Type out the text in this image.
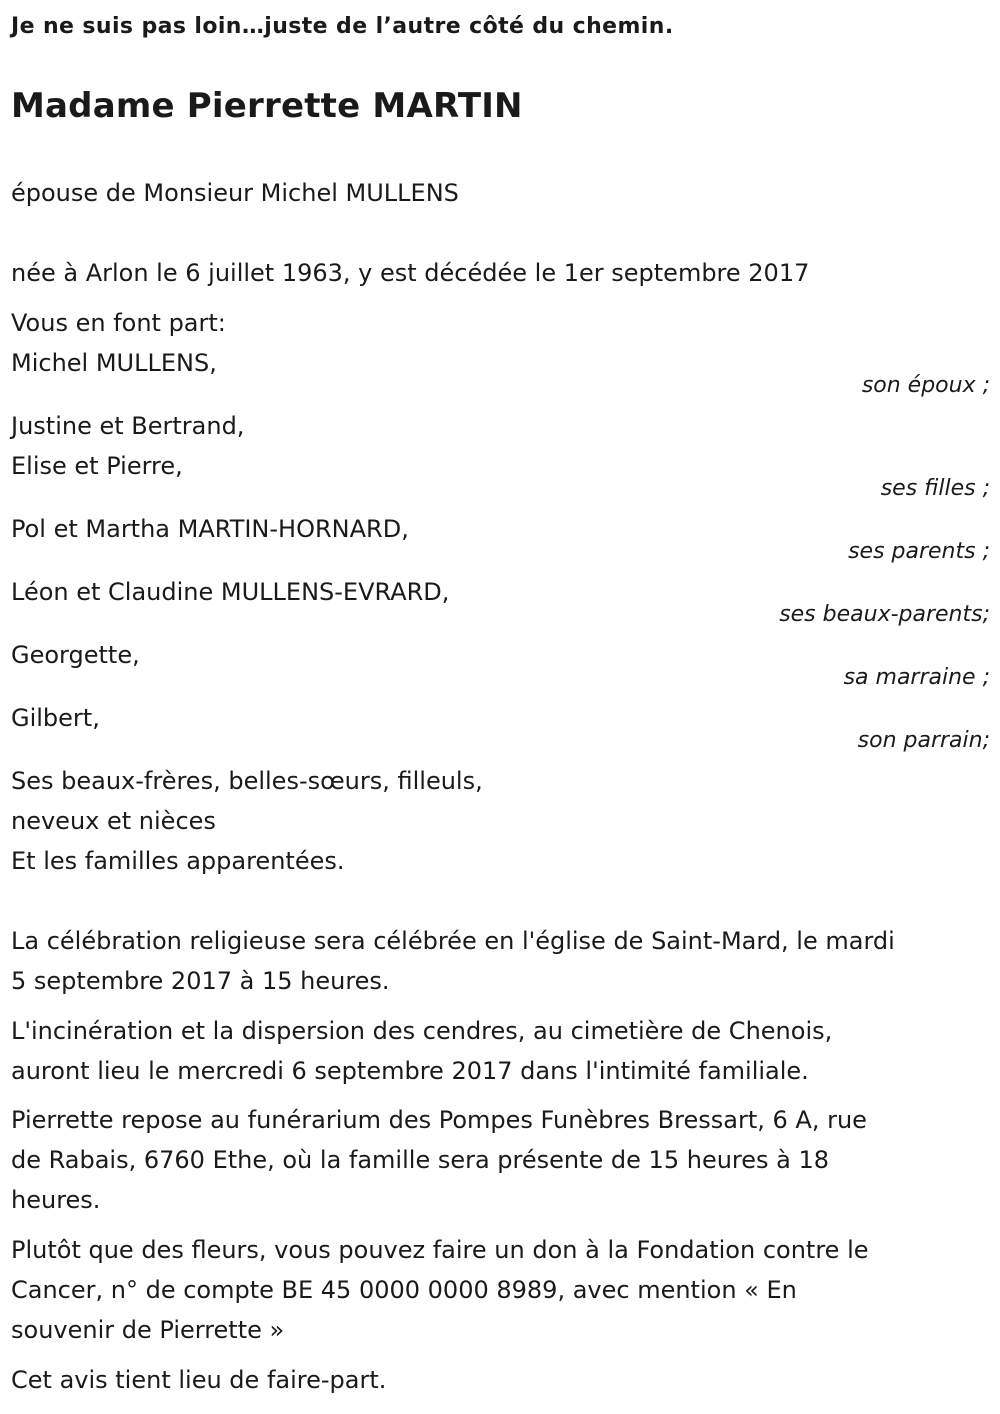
Je ne suis pas loin…juste de l’autre côté du chemin.
Madame Pierrette MARTIN
épouse de Monsieur Michel MULLENS
née à Arlon le 6 juillet 1963, y est décédée le 1er septembre 2017
Vous en font part:
Michel MULLENS,
son époux ;
Justine et Bertrand,
Elise et Pierre,
ses filles ;
Pol et Martha MARTIN-HORNARD,
ses parents ;
Léon et Claudine MULLENS-EVRARD,
ses beaux-parents;
Georgette,
sa marraine ;
Gilbert,
son parrain;
Ses beaux-frères, belles-sœurs, filleuls,
neveux et nièces
Et les familles apparentées.
La célébration religieuse sera célébrée en l'église de Saint-Mard, le mardi
5 septembre 2017 à 15 heures.
L'incinération et la dispersion des cendres, au cimetière de Chenois,
auront lieu le mercredi 6 septembre 2017 dans l'intimité familiale.
Pierrette repose au funérarium des Pompes Funèbres Bressart, 6 A, rue
de Rabais, 6760 Ethe, où la famille sera présente de 15 heures à 18
heures.
Plutôt que des fleurs, vous pouvez faire un don à la Fondation contre le
Cancer, n° de compte BE 45 0000 0000 8989, avec mention « En
souvenir de Pierrette »
Cet avis tient lieu de faire-part.
